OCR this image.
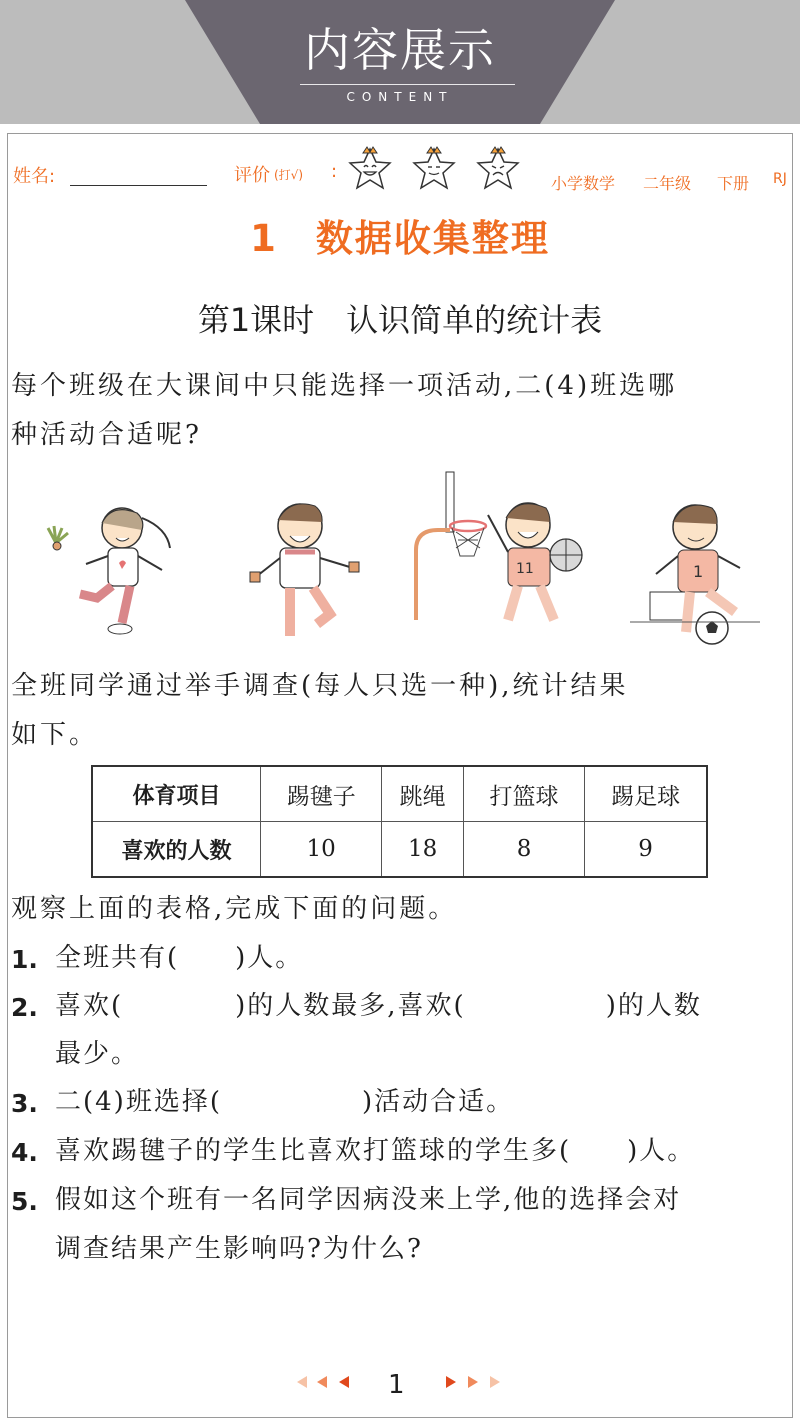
内容展示
CONTENT
姓名:	评价 (打√) :
小学数学 二年级 下册 RJ
1 数据收集整理
第1课时　认识简单的统计表
每个班级在大课间中只能选择一项活动,二(4)班选哪
种活动合适呢?
11	1
全班同学通过举手调查(每人只选一种),统计结果
如下。
体育项目	踢毽子	跳绳	打篮球	踢足球
喜欢的人数	10	18	8	9
观察上面的表格,完成下面的问题。
1. 全班共有(　　)人。
2. 喜欢(　　　　)的人数最多,喜欢(　　　　　)的人数
最少。
3. 二(4)班选择(　　　　　)活动合适。
4. 喜欢踢毽子的学生比喜欢打篮球的学生多(　　)人。
5. 假如这个班有一名同学因病没来上学,他的选择会对
调查结果产生影响吗?为什么?
1
